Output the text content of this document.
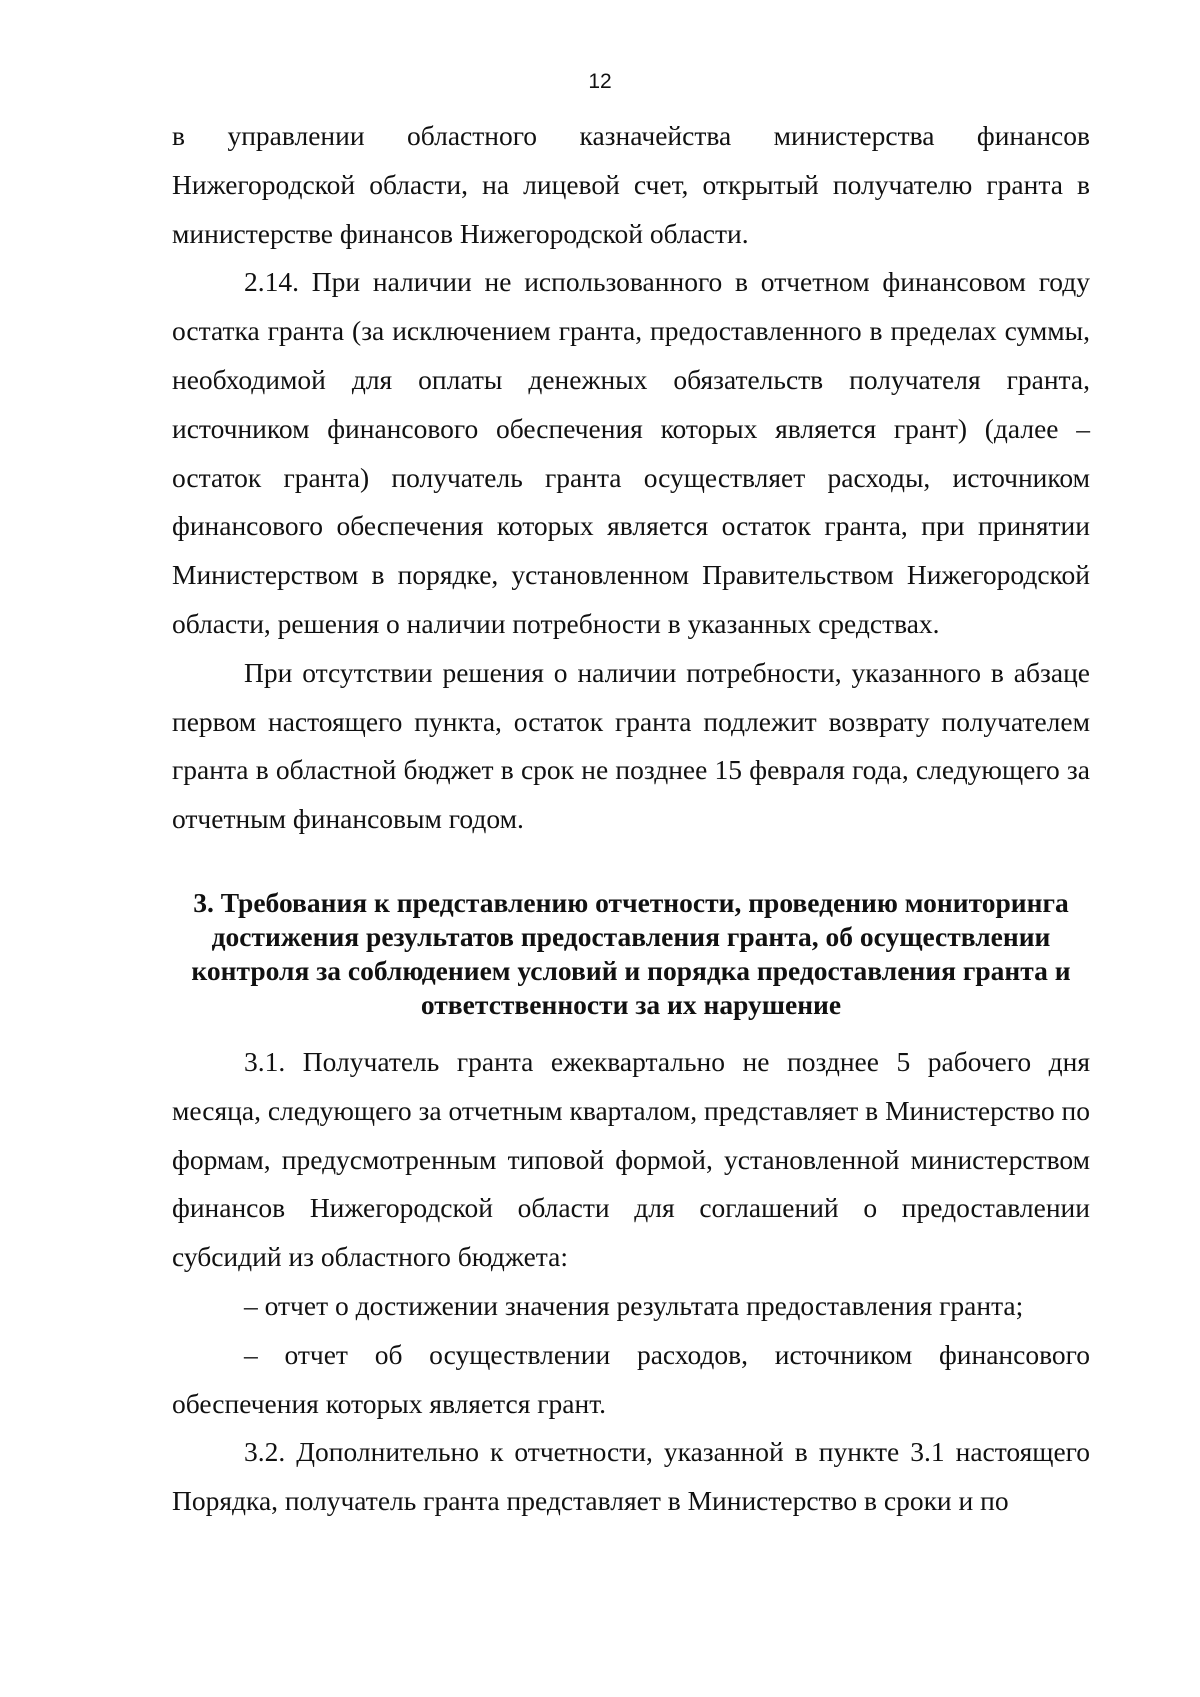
12

в управлении областного казначейства министерства финансов Нижегородской области, на лицевой счет, открытый получателю гранта в министерстве финансов Нижегородской области.

2.14. При наличии не использованного в отчетном финансовом году остатка гранта (за исключением гранта, предоставленного в пределах суммы, необходимой для оплаты денежных обязательств получателя гранта, источником финансового обеспечения которых является грант) (далее – остаток гранта) получатель гранта осуществляет расходы, источником финансового обеспечения которых является остаток гранта, при принятии Министерством в порядке, установленном Правительством Нижегородской области, решения о наличии потребности в указанных средствах.

При отсутствии решения о наличии потребности, указанного в абзаце первом настоящего пункта, остаток гранта подлежит возврату получателем гранта в областной бюджет в срок не позднее 15 февраля года, следующего за отчетным финансовым годом.

3. Требования к представлению отчетности, проведению мониторинга достижения результатов предоставления гранта, об осуществлении контроля за соблюдением условий и порядка предоставления гранта и ответственности за их нарушение

3.1. Получатель гранта ежеквартально не позднее 5 рабочего дня месяца, следующего за отчетным кварталом, представляет в Министерство по формам, предусмотренным типовой формой, установленной министерством финансов Нижегородской области для соглашений о предоставлении субсидий из областного бюджета:

– отчет о достижении значения результата предоставления гранта;

– отчет об осуществлении расходов, источником финансового обеспечения которых является грант.

3.2. Дополнительно к отчетности, указанной в пункте 3.1 настоящего Порядка, получатель гранта представляет в Министерство в сроки и по
